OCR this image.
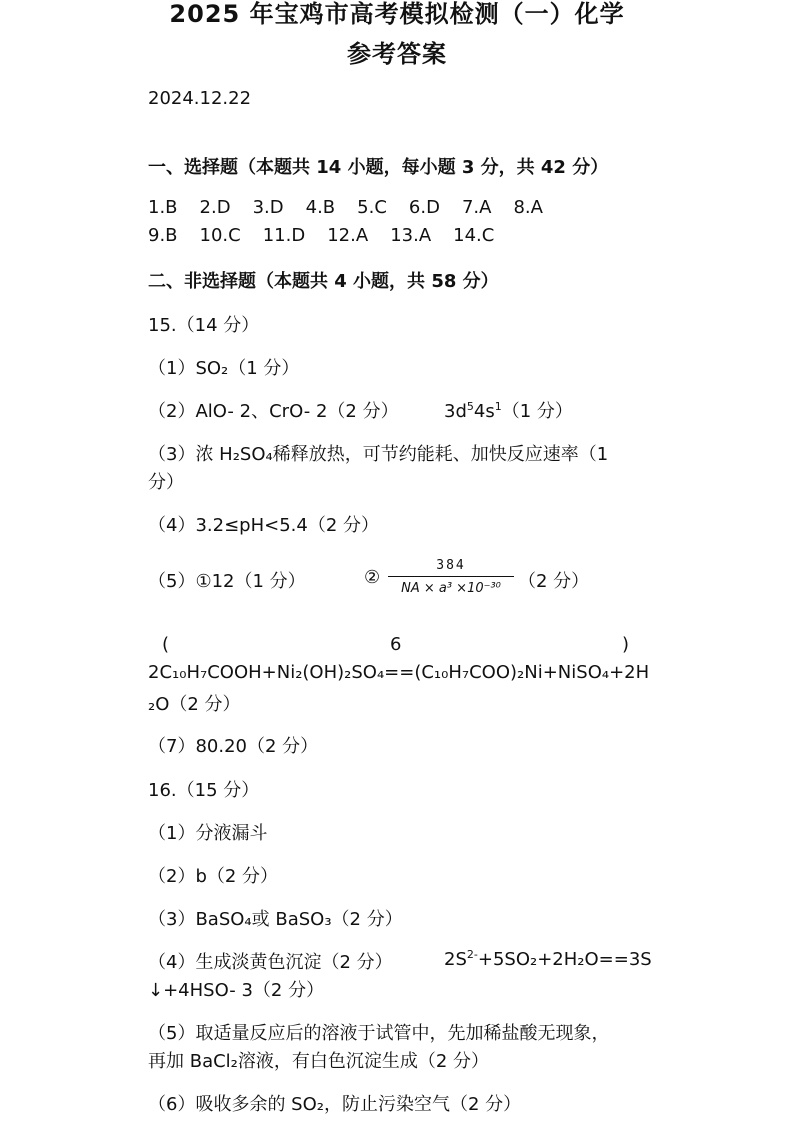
2025 年宝鸡市高考模拟检测（一）化学
参考答案
2024.12.22
一、选择题（本题共 14 小题，每小题 3 分，共 42 分）
1.B 2.D 3.D 4.B 5.C 6.D 7.A 8.A
9.B 10.C 11.D 12.A 13.A 14.C
二、非选择题（本题共 4 小题，共 58 分）
15.（14 分）
（1）SO₂（1 分）
（2）AlO- 2、CrO- 2（2 分）	$3d^54s^1(1$ 分）
（3）浓 H₂SO₄稀释放热，可节约能耗、加快反应速率（1
分）
（4）3.2≤pH<5.4（2 分）
（5）①12（1 分）	②
384
NA × a³ ×10⁻³⁰ （2 分）
(	6	)
2C₁₀H₇COOH+Ni₂(OH)₂SO₄==(C₁₀H₇COO)₂Ni+NiSO₄+2H
₂O（2 分）
（7）80.20（2 分）
16.（15 分）
（1）分液漏斗
（2）b（2 分）
（3）BaSO₄或 BaSO₃（2 分）
（4）生成淡黄色沉淀（2 分）	$2S^{2-}+5SO_2+2H_2O==3S$
↓+4HSO- 3（2 分）
（5）取适量反应后的溶液于试管中，先加稀盐酸无现象，
再加 BaCl₂溶液，有白色沉淀生成（2 分）
（6）吸收多余的 SO₂，防止污染空气（2 分）
